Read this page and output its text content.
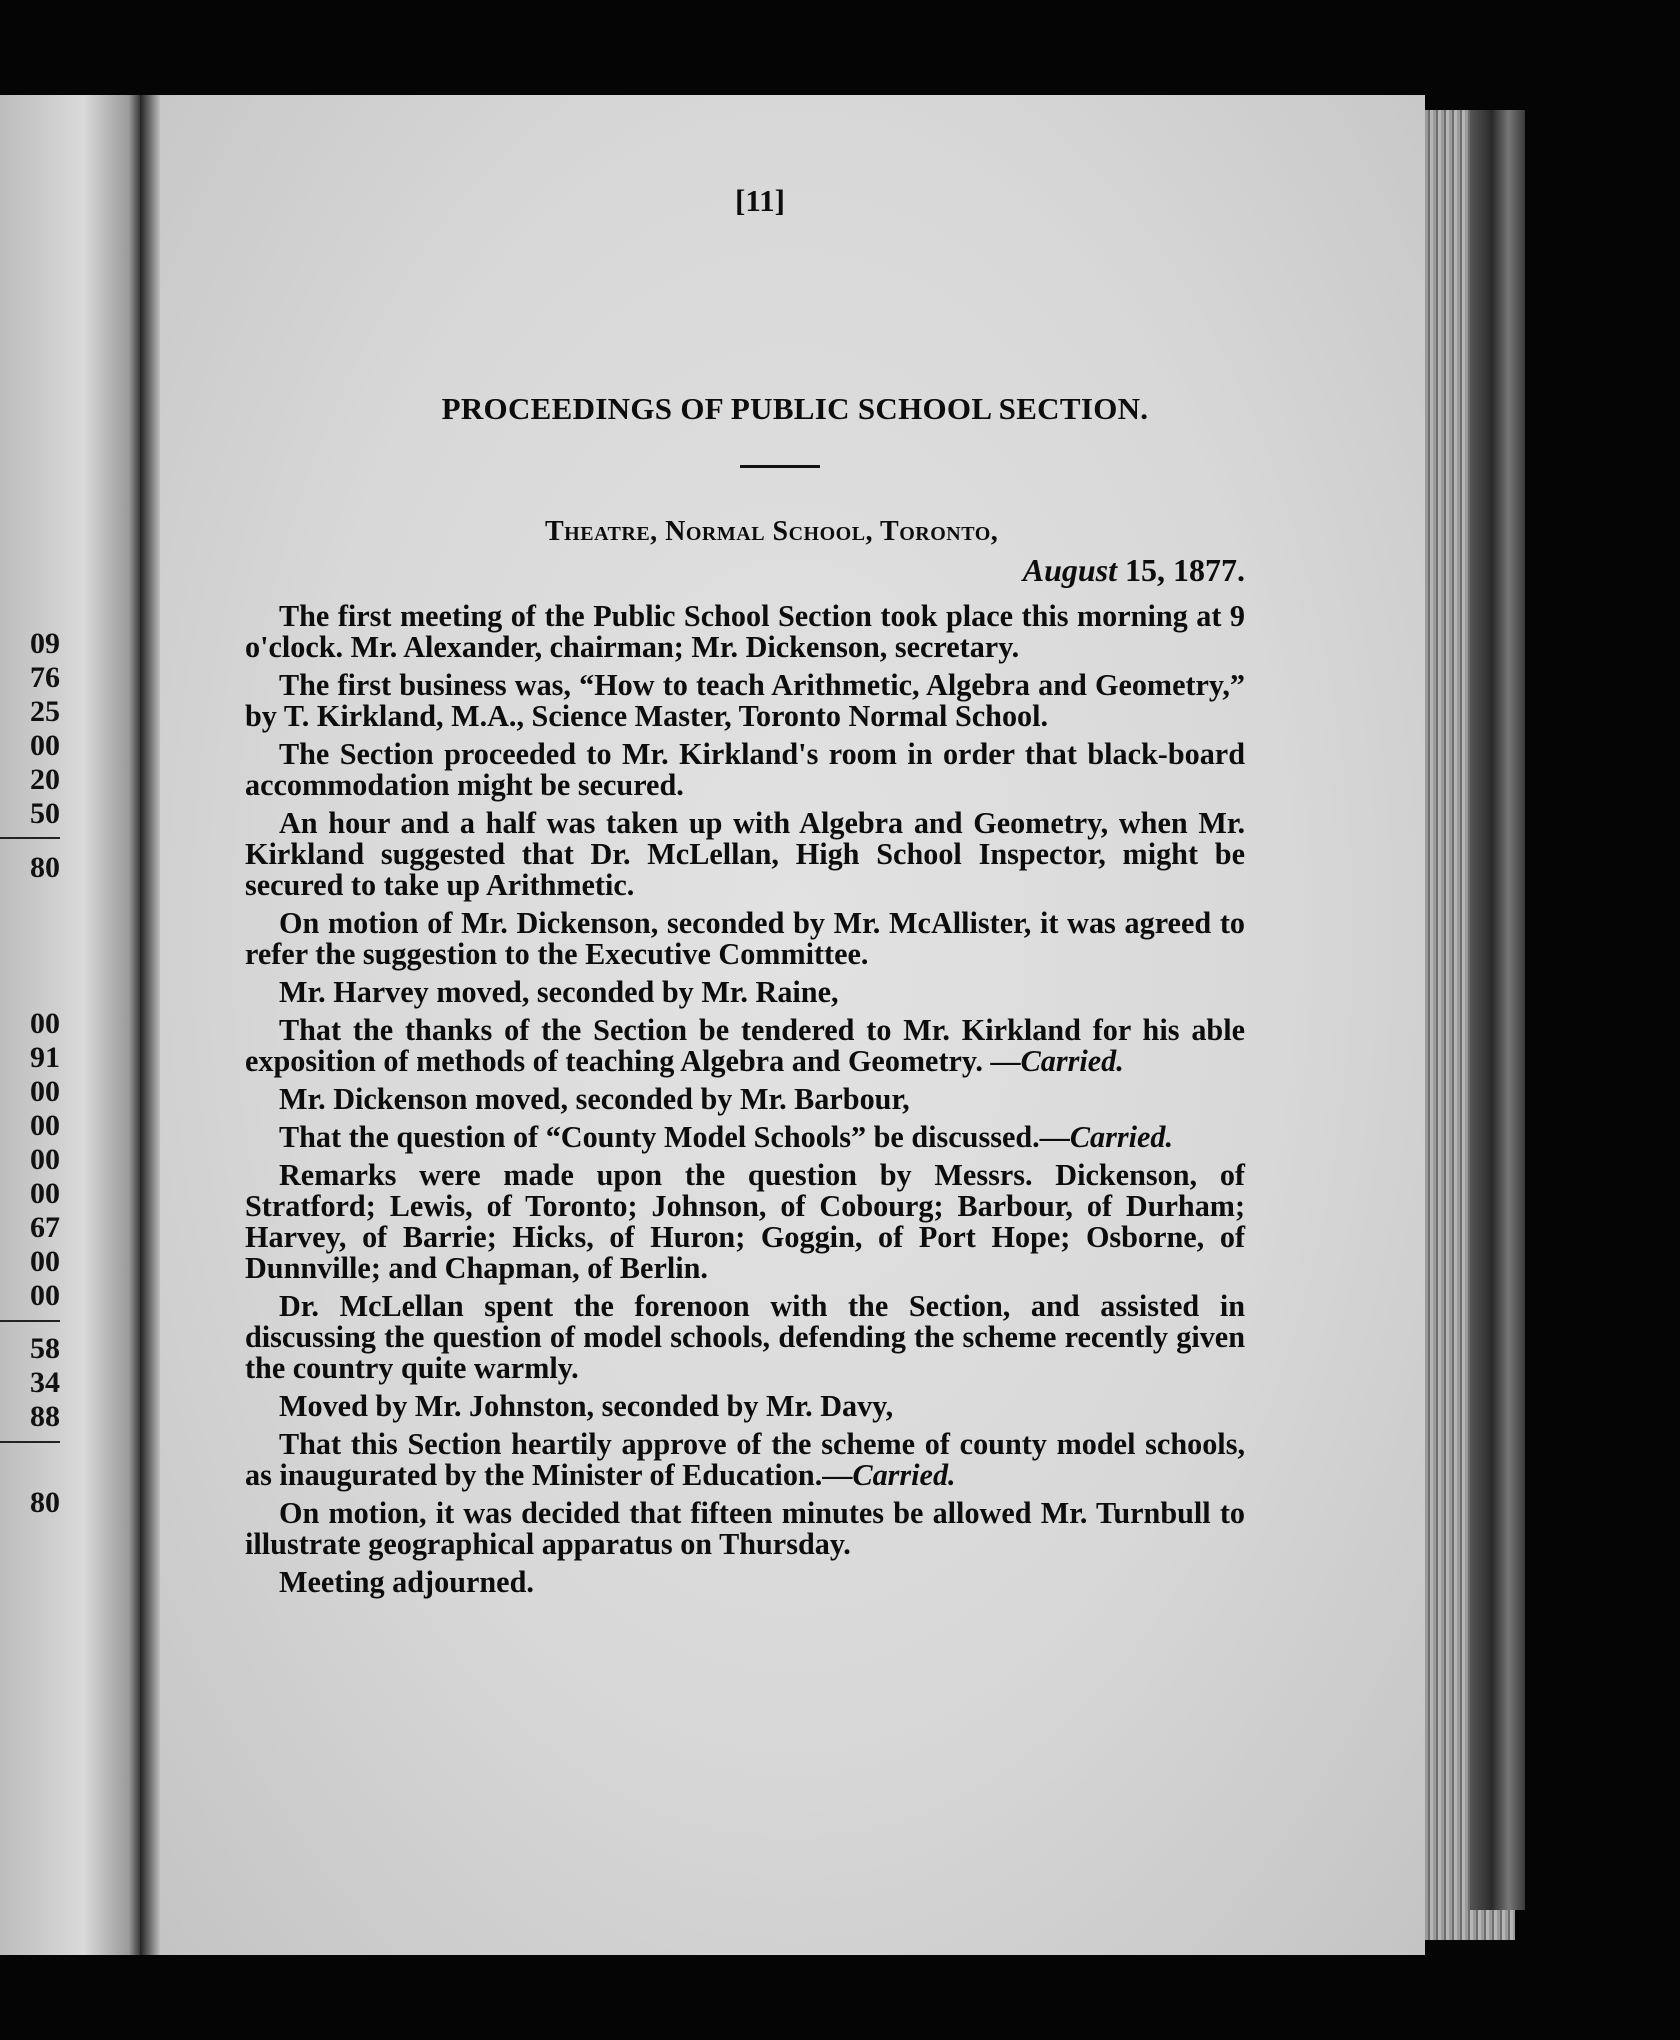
09
76
25
00
20
50
80
00
91
00
00
00
00
67
00
00
58
34
88
80
[11]
PROCEEDINGS OF PUBLIC SCHOOL SECTION.
Theatre, Normal School, Toronto,
August 15, 1877.

The first meeting of the Public School Section took place this morning at 9 o'clock. Mr. Alexander, chairman; Mr. Dickenson, secretary.

The first business was, “How to teach Arithmetic, Algebra and Geometry,” by T. Kirkland, M.A., Science Master, Toronto Normal School.

The Section proceeded to Mr. Kirkland's room in order that black-board accommodation might be secured.

An hour and a half was taken up with Algebra and Geometry, when Mr. Kirkland suggested that Dr. McLellan, High School Inspector, might be secured to take up Arithmetic.

On motion of Mr. Dickenson, seconded by Mr. McAllister, it was agreed to refer the suggestion to the Executive Committee.

Mr. Harvey moved, seconded by Mr. Raine,

That the thanks of the Section be tendered to Mr. Kirkland for his able exposition of methods of teaching Algebra and Geometry. —Carried.

Mr. Dickenson moved, seconded by Mr. Barbour,

That the question of “County Model Schools” be discussed.—Carried.

Remarks were made upon the question by Messrs. Dickenson, of Stratford; Lewis, of Toronto; Johnson, of Cobourg; Barbour, of Durham; Harvey, of Barrie; Hicks, of Huron; Goggin, of Port Hope; Osborne, of Dunnville; and Chapman, of Berlin.

Dr. McLellan spent the forenoon with the Section, and assisted in discussing the question of model schools, defending the scheme recently given the country quite warmly.

Moved by Mr. Johnston, seconded by Mr. Davy,

That this Section heartily approve of the scheme of county model schools, as inaugurated by the Minister of Education.—Carried.

On motion, it was decided that fifteen minutes be allowed Mr. Turnbull to illustrate geographical apparatus on Thursday.

Meeting adjourned.
